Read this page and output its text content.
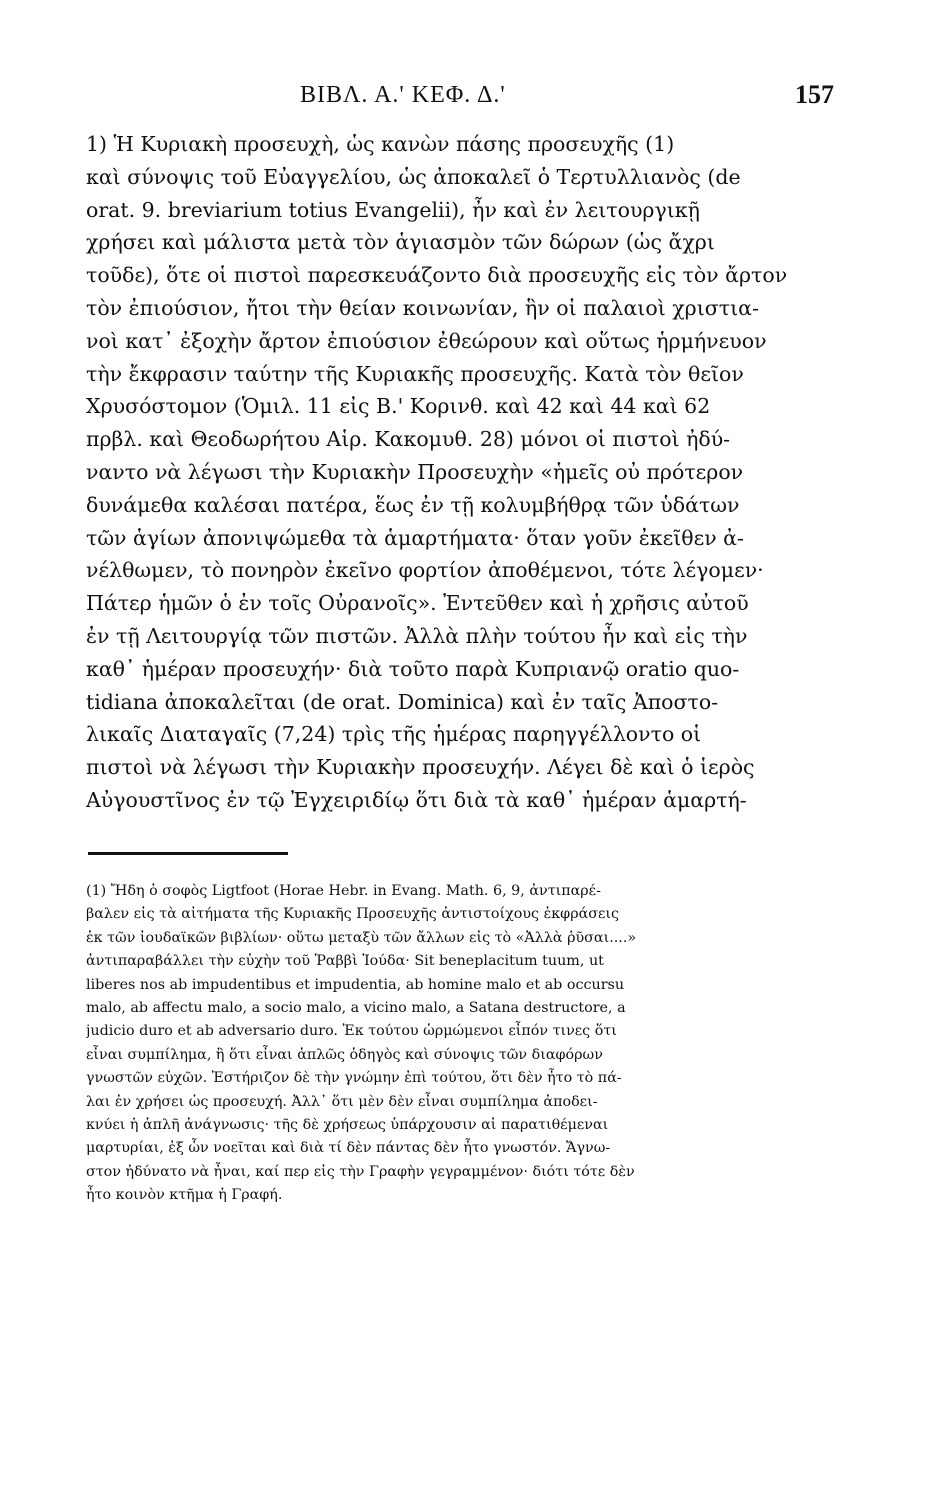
ΒΙΒΛ. Α.' ΚΕΦ. Δ.'	157
1) Ἡ Κυριακὴ προσευχὴ, ὡς κανὼν πάσης προσευχῆς (1)
καὶ σύνοψις τοῦ Εὐαγγελίου, ὡς ἀποκαλεῖ ὁ Τερτυλλιανὸς (de
orat. 9. breviarium totius Evangelii), ἦν καὶ ἐν λειτουργικῇ
χρήσει καὶ μάλιστα μετὰ τὸν ἁγιασμὸν τῶν δώρων (ὡς ἄχρι
τοῦδε), ὅτε οἱ πιστοὶ παρεσκευάζοντο διὰ προσευχῆς εἰς τὸν ἄρτον
τὸν ἐπιούσιον, ἤτοι τὴν θείαν κοινωνίαν, ἣν οἱ παλαιοὶ χριστια-
νοὶ κατ᾽ ἐξοχὴν ἄρτον ἐπιούσιον ἐθεώρουν καὶ οὕτως ἡρμήνευον
τὴν ἔκφρασιν ταύτην τῆς Κυριακῆς προσευχῆς. Κατὰ τὸν θεῖον
Χρυσόστομον (Ὁμιλ. 11 εἰς Β.' Κορινθ. καὶ 42 καὶ 44 καὶ 62
πρβλ. καὶ Θεοδωρήτου Αἱρ. Κακομυθ. 28) μόνοι οἱ πιστοὶ ἠδύ-
ναντο νὰ λέγωσι τὴν Κυριακὴν Προσευχὴν «ἡμεῖς οὐ πρότερον
δυνάμεθα καλέσαι πατέρα, ἕως ἐν τῇ κολυμβήθρᾳ τῶν ὑδάτων
τῶν ἁγίων ἀπονιψώμεθα τὰ ἁμαρτήματα· ὅταν γοῦν ἐκεῖθεν ἀ-
νέλθωμεν, τὸ πονηρὸν ἐκεῖνο φορτίον ἀποθέμενοι, τότε λέγομεν·
Πάτερ ἡμῶν ὁ ἐν τοῖς Οὐρανοῖς». Ἐντεῦθεν καὶ ἡ χρῆσις αὐτοῦ
ἐν τῇ Λειτουργίᾳ τῶν πιστῶν. Ἀλλὰ πλὴν τούτου ἦν καὶ εἰς τὴν
καθ᾽ ἡμέραν προσευχήν· διὰ τοῦτο παρὰ Κυπριανῷ oratio quo-
tidiana ἀποκαλεῖται (de orat. Dominica) καὶ ἐν ταῖς Ἀποστο-
λικαῖς Διαταγαῖς (7,24) τρὶς τῆς ἡμέρας παρηγγέλλοντο οἱ
πιστοὶ νὰ λέγωσι τὴν Κυριακὴν προσευχήν. Λέγει δὲ καὶ ὁ ἱερὸς
Αὐγουστῖνος ἐν τῷ Ἐγχειριδίῳ ὅτι διὰ τὰ καθ᾽ ἡμέραν ἁμαρτή-
(1) Ἤδη ὁ σοφὸς Ligtfoot (Horae Hebr. in Evang. Math. 6, 9, ἀντιπαρέ-
βαλεν εἰς τὰ αἰτήματα τῆς Κυριακῆς Προσευχῆς ἀντιστοίχους ἐκφράσεις
ἐκ τῶν ἰουδαϊκῶν βιβλίων· οὕτω μεταξὺ τῶν ἄλλων εἰς τὸ «Ἀλλὰ ῥῦσαι....»
ἀντιπαραβάλλει τὴν εὐχὴν τοῦ Ῥαββὶ Ἰούδα· Sit beneplacitum tuum, ut
liberes nos ab impudentibus et impudentia, ab homine malo et ab occursu
malo, ab affectu malo, a socio malo, a vicino malo, a Satana destructore, a
judicio duro et ab adversario duro. Ἐκ τούτου ὡρμώμενοι εἶπόν τινες ὅτι
εἶναι συμπίλημα, ἢ ὅτι εἶναι ἁπλῶς ὁδηγὸς καὶ σύνοψις τῶν διαφόρων
γνωστῶν εὐχῶν. Ἐστήριζον δὲ τὴν γνώμην ἐπὶ τούτου, ὅτι δὲν ἦτο τὸ πά-
λαι ἐν χρήσει ὡς προσευχή. Ἀλλ᾽ ὅτι μὲν δὲν εἶναι συμπίλημα ἀποδει-
κνύει ἡ ἁπλῆ ἀνάγνωσις· τῆς δὲ χρήσεως ὑπάρχουσιν αἱ παρατιθέμεναι
μαρτυρίαι, ἐξ ὧν νοεῖται καὶ διὰ τί δὲν πάντας δὲν ἦτο γνωστόν. Ἄγνω-
στον ἠδύνατο νὰ ἦναι, καί περ εἰς τὴν Γραφὴν γεγραμμένον· διότι τότε δὲν
ἦτο κοινὸν κτῆμα ἡ Γραφή.
